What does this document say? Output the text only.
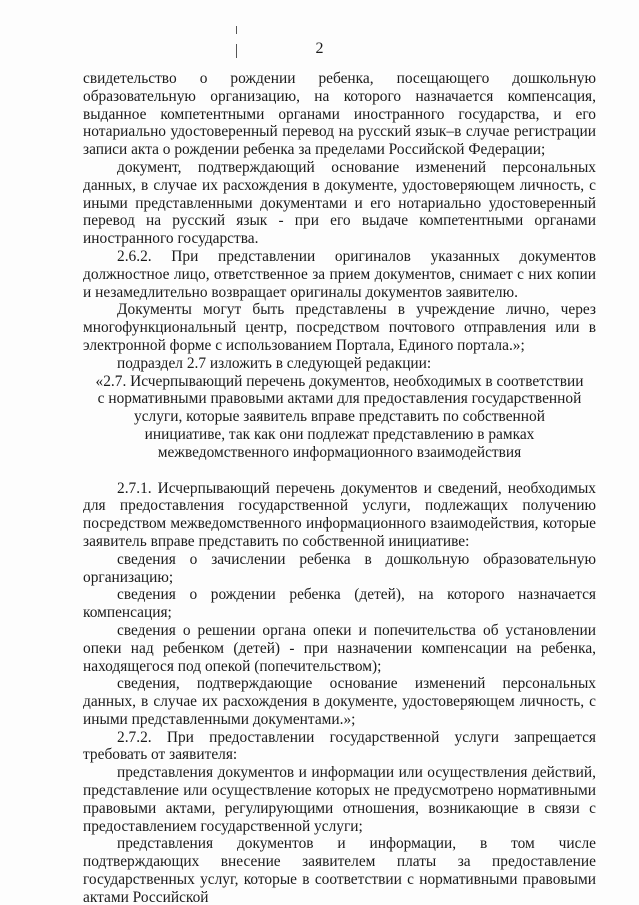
2

свидетельство о рождении ребенка, посещающего дошкольную образовательную организацию, на которого назначается компенсация, выданное компетентными органами иностранного государства, и его нотариально удостоверенный перевод на русский язык–в случае регистрации записи акта о рождении ребенка за пределами Российской Федерации;

документ, подтверждающий основание изменений персональных данных, в случае их расхождения в документе, удостоверяющем личность, с иными представленными документами и его нотариально удостоверенный перевод на русский язык - при его выдаче компетентными органами иностранного государства.

2.6.2. При представлении оригиналов указанных документов должностное лицо, ответственное за прием документов, снимает с них копии и незамедлительно возвращает оригиналы документов заявителю.

Документы могут быть представлены в учреждение лично, через многофункциональный центр, посредством почтового отправления или в электронной форме с использованием Портала, Единого портала.»;

подраздел 2.7 изложить в следующей редакции:

«2.7. Исчерпывающий перечень документов, необходимых в соответствии с нормативными правовыми актами для предоставления государственной услуги, которые заявитель вправе представить по собственной инициативе, так как они подлежат представлению в рамках межведомственного информационного взаимодействия

2.7.1. Исчерпывающий перечень документов и сведений, необходимых для предоставления государственной услуги, подлежащих получению посредством межведомственного информационного взаимодействия, которые заявитель вправе представить по собственной инициативе:

сведения о зачислении ребенка в дошкольную образовательную организацию;

сведения о рождении ребенка (детей), на которого назначается компенсация;

сведения о решении органа опеки и попечительства об установлении опеки над ребенком (детей) - при назначении компенсации на ребенка, находящегося под опекой (попечительством);

сведения, подтверждающие основание изменений персональных данных, в случае их расхождения в документе, удостоверяющем личность, с иными представленными документами.»;

2.7.2. При предоставлении государственной услуги запрещается требовать от заявителя:

представления документов и информации или осуществления действий, представление или осуществление которых не предусмотрено нормативными правовыми актами, регулирующими отношения, возникающие в связи с предоставлением государственной услуги;

представления документов и информации, в том числе подтверждающих внесение заявителем платы за предоставление государственных услуг, которые в соответствии с нормативными правовыми актами Российской
